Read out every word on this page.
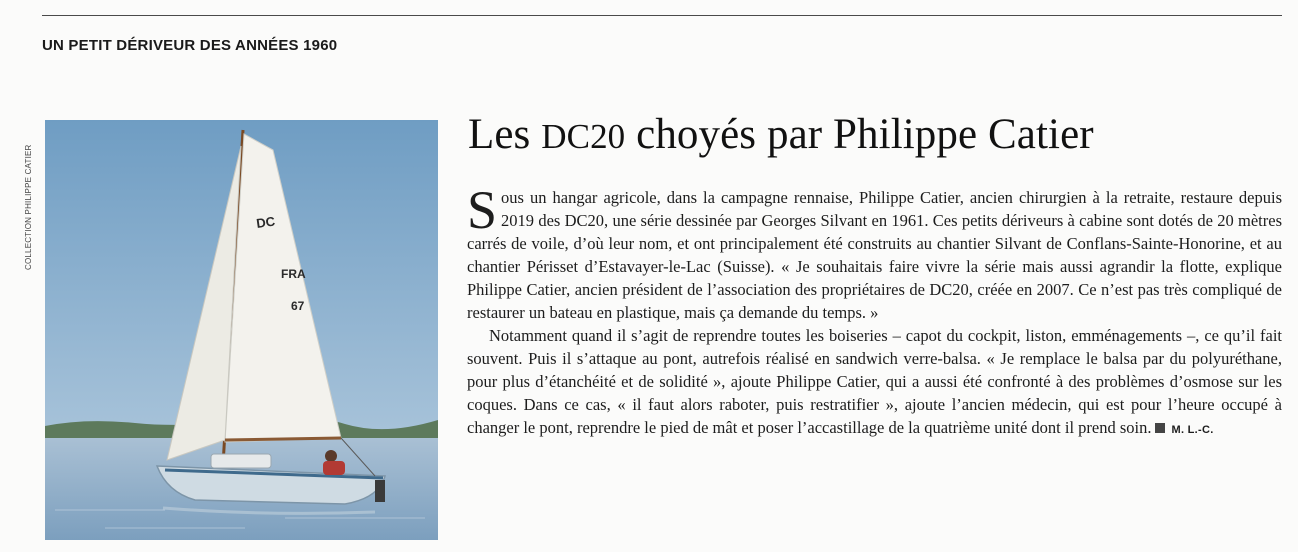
UN PETIT DÉRIVEUR DES ANNÉES 1960
COLLECTION PHILIPPE CATIER	DC
FRA
67
Les DC20 choyés par Philippe Catier

Sous un hangar agricole, dans la campagne rennaise, Philippe Catier, ancien chirurgien à la retraite, restaure depuis 2019 des DC20, une série dessinée par Georges Silvant en 1961. Ces petits dériveurs à cabine sont dotés de 20 mètres carrés de voile, d’où leur nom, et ont principalement été construits au chantier Silvant de Conflans-Sainte-Honorine, et au chantier Périsset d’Estavayer-le-Lac (Suisse). « Je souhaitais faire vivre la série mais aussi agrandir la flotte, explique Philippe Catier, ancien président de l’association des propriétaires de DC20, créée en 2007. Ce n’est pas très compliqué de restaurer un bateau en plastique, mais ça demande du temps. »

Notamment quand il s’agit de reprendre toutes les boiseries – capot du cockpit, liston, emménagements –, ce qu’il fait souvent. Puis il s’attaque au pont, autrefois réalisé en sandwich verre-balsa. « Je remplace le balsa par du polyuréthane, pour plus d’étanchéité et de solidité », ajoute Philippe Catier, qui a aussi été confronté à des problèmes d’osmose sur les coques. Dans ce cas, « il faut alors raboter, puis restratifier », ajoute l’ancien médecin, qui est pour l’heure occupé à changer le pont, reprendre le pied de mât et poser l’accastillage de la quatrième unité dont il prend soin. M. L.-C.
